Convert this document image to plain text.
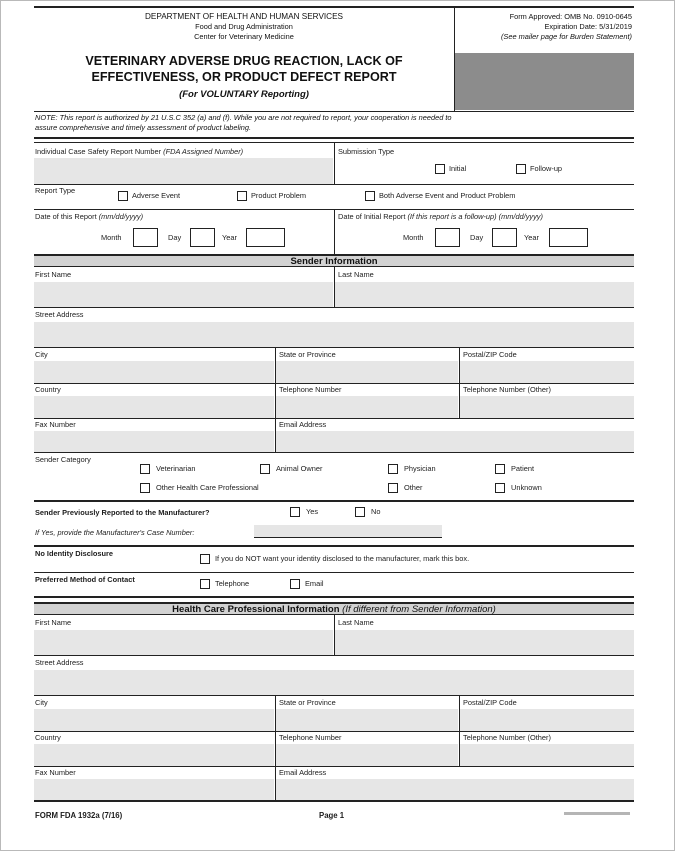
DEPARTMENT OF HEALTH AND HUMAN SERVICES
Food and Drug Administration
Center for Veterinary Medicine
VETERINARY ADVERSE DRUG REACTION, LACK OF
EFFECTIVENESS, OR PRODUCT DEFECT REPORT
(For VOLUNTARY Reporting)
Form Approved: OMB No. 0910-0645
Expiration Date: 5/31/2019
(See mailer page for Burden Statement)
NOTE: This report is authorized by 21 U.S.C 352 (a) and (f). While you are not required to report, your cooperation is needed to
assure comprehensive and timely assessment of product labeling.
Individual Case Safety Report Number (FDA Assigned Number)	Submission Type
Initial	Follow-up
Report Type
Adverse Event	Product Problem	Both Adverse Event and Product Problem
Date of this Report (mm/dd/yyyy)
Month	Day	Year
Date of Initial Report (If this report is a follow-up) (mm/dd/yyyy)
Month	Day	Year
Sender Information
First Name	Last Name
Street Address
City	State or Province	Postal/ZIP Code
Country	Telephone Number	Telephone Number (Other)
Fax Number	Email Address
Sender Category
Veterinarian	Animal Owner	Physician	Patient
Other Health Care Professional	Other	Unknown
Sender Previously Reported to the Manufacturer?	Yes	No
If Yes, provide the Manufacturer's Case Number:
No Identity Disclosure
If you do NOT want your identity disclosed to the manufacturer, mark this box.
Preferred Method of Contact	Telephone	Email
Health Care Professional Information (If different from Sender Information)
First Name	Last Name
Street Address
City	State or Province	Postal/ZIP Code
Country	Telephone Number	Telephone Number (Other)
Fax Number	Email Address
FORM FDA 1932a (7/16)	Page 1
